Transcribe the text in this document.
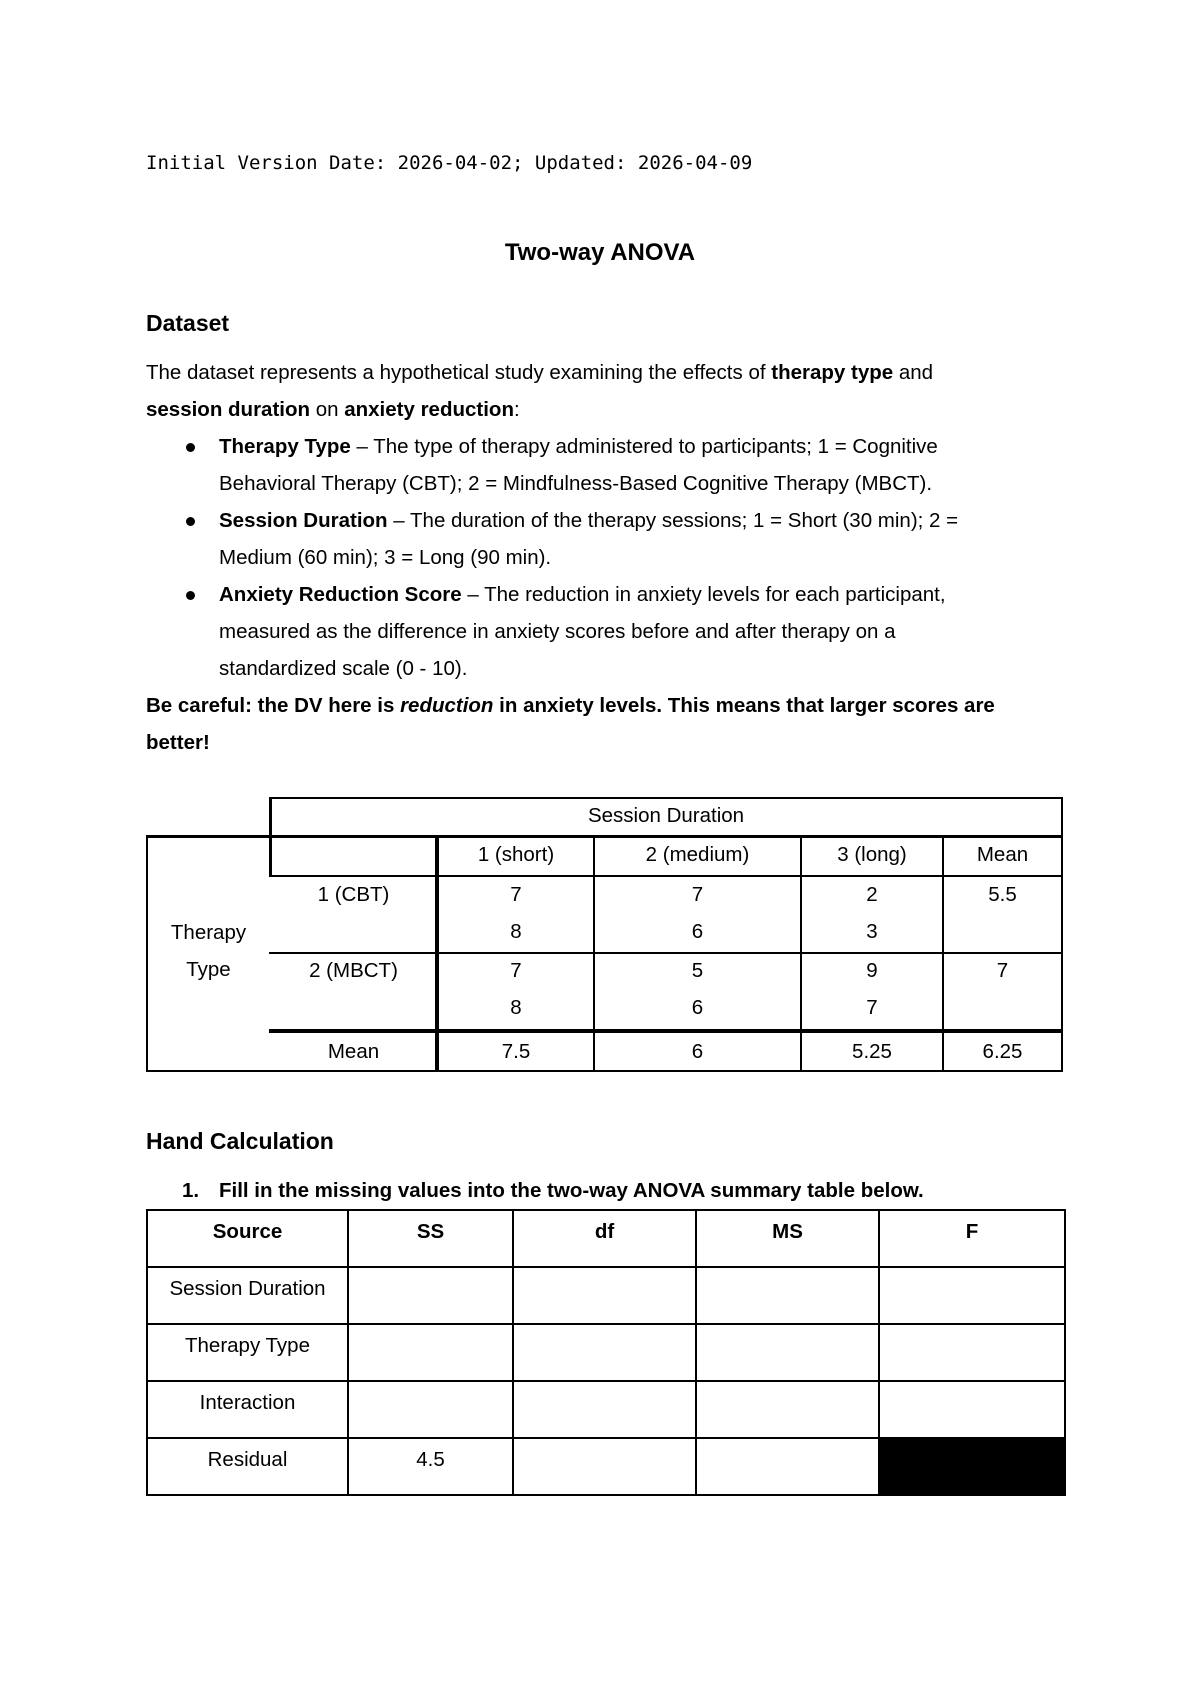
Initial Version Date: 2026-04-02; Updated: 2026-04-09
Two-way ANOVA
Dataset
The dataset represents a hypothetical study examining the effects of therapy type and
session duration on anxiety reduction:
Therapy Type – The type of therapy administered to participants; 1 = Cognitive
Behavioral Therapy (CBT); 2 = Mindfulness-Based Cognitive Therapy (MBCT).
Session Duration – The duration of the therapy sessions; 1 = Short (30 min); 2 =
Medium (60 min); 3 = Long (90 min).
Anxiety Reduction Score – The reduction in anxiety levels for each participant,
measured as the difference in anxiety scores before and after therapy on a
standardized scale (0 - 10).
Be careful: the DV here is reduction in anxiety levels. This means that larger scores are
better!
Session Duration
1 (short)	2 (medium)	3 (long)	Mean
Therapy
Type
1 (CBT)	7	7	2	5.5
8	6	3
2 (MBCT)	7	5	9	7
8	6	7
Mean	7.5	6	5.25	6.25
Hand Calculation
1. Fill in the missing values into the two-way ANOVA summary table below.
Source	SS	df	MS	F
Session Duration				
Therapy Type				
Interaction				
Residual	4.5			
